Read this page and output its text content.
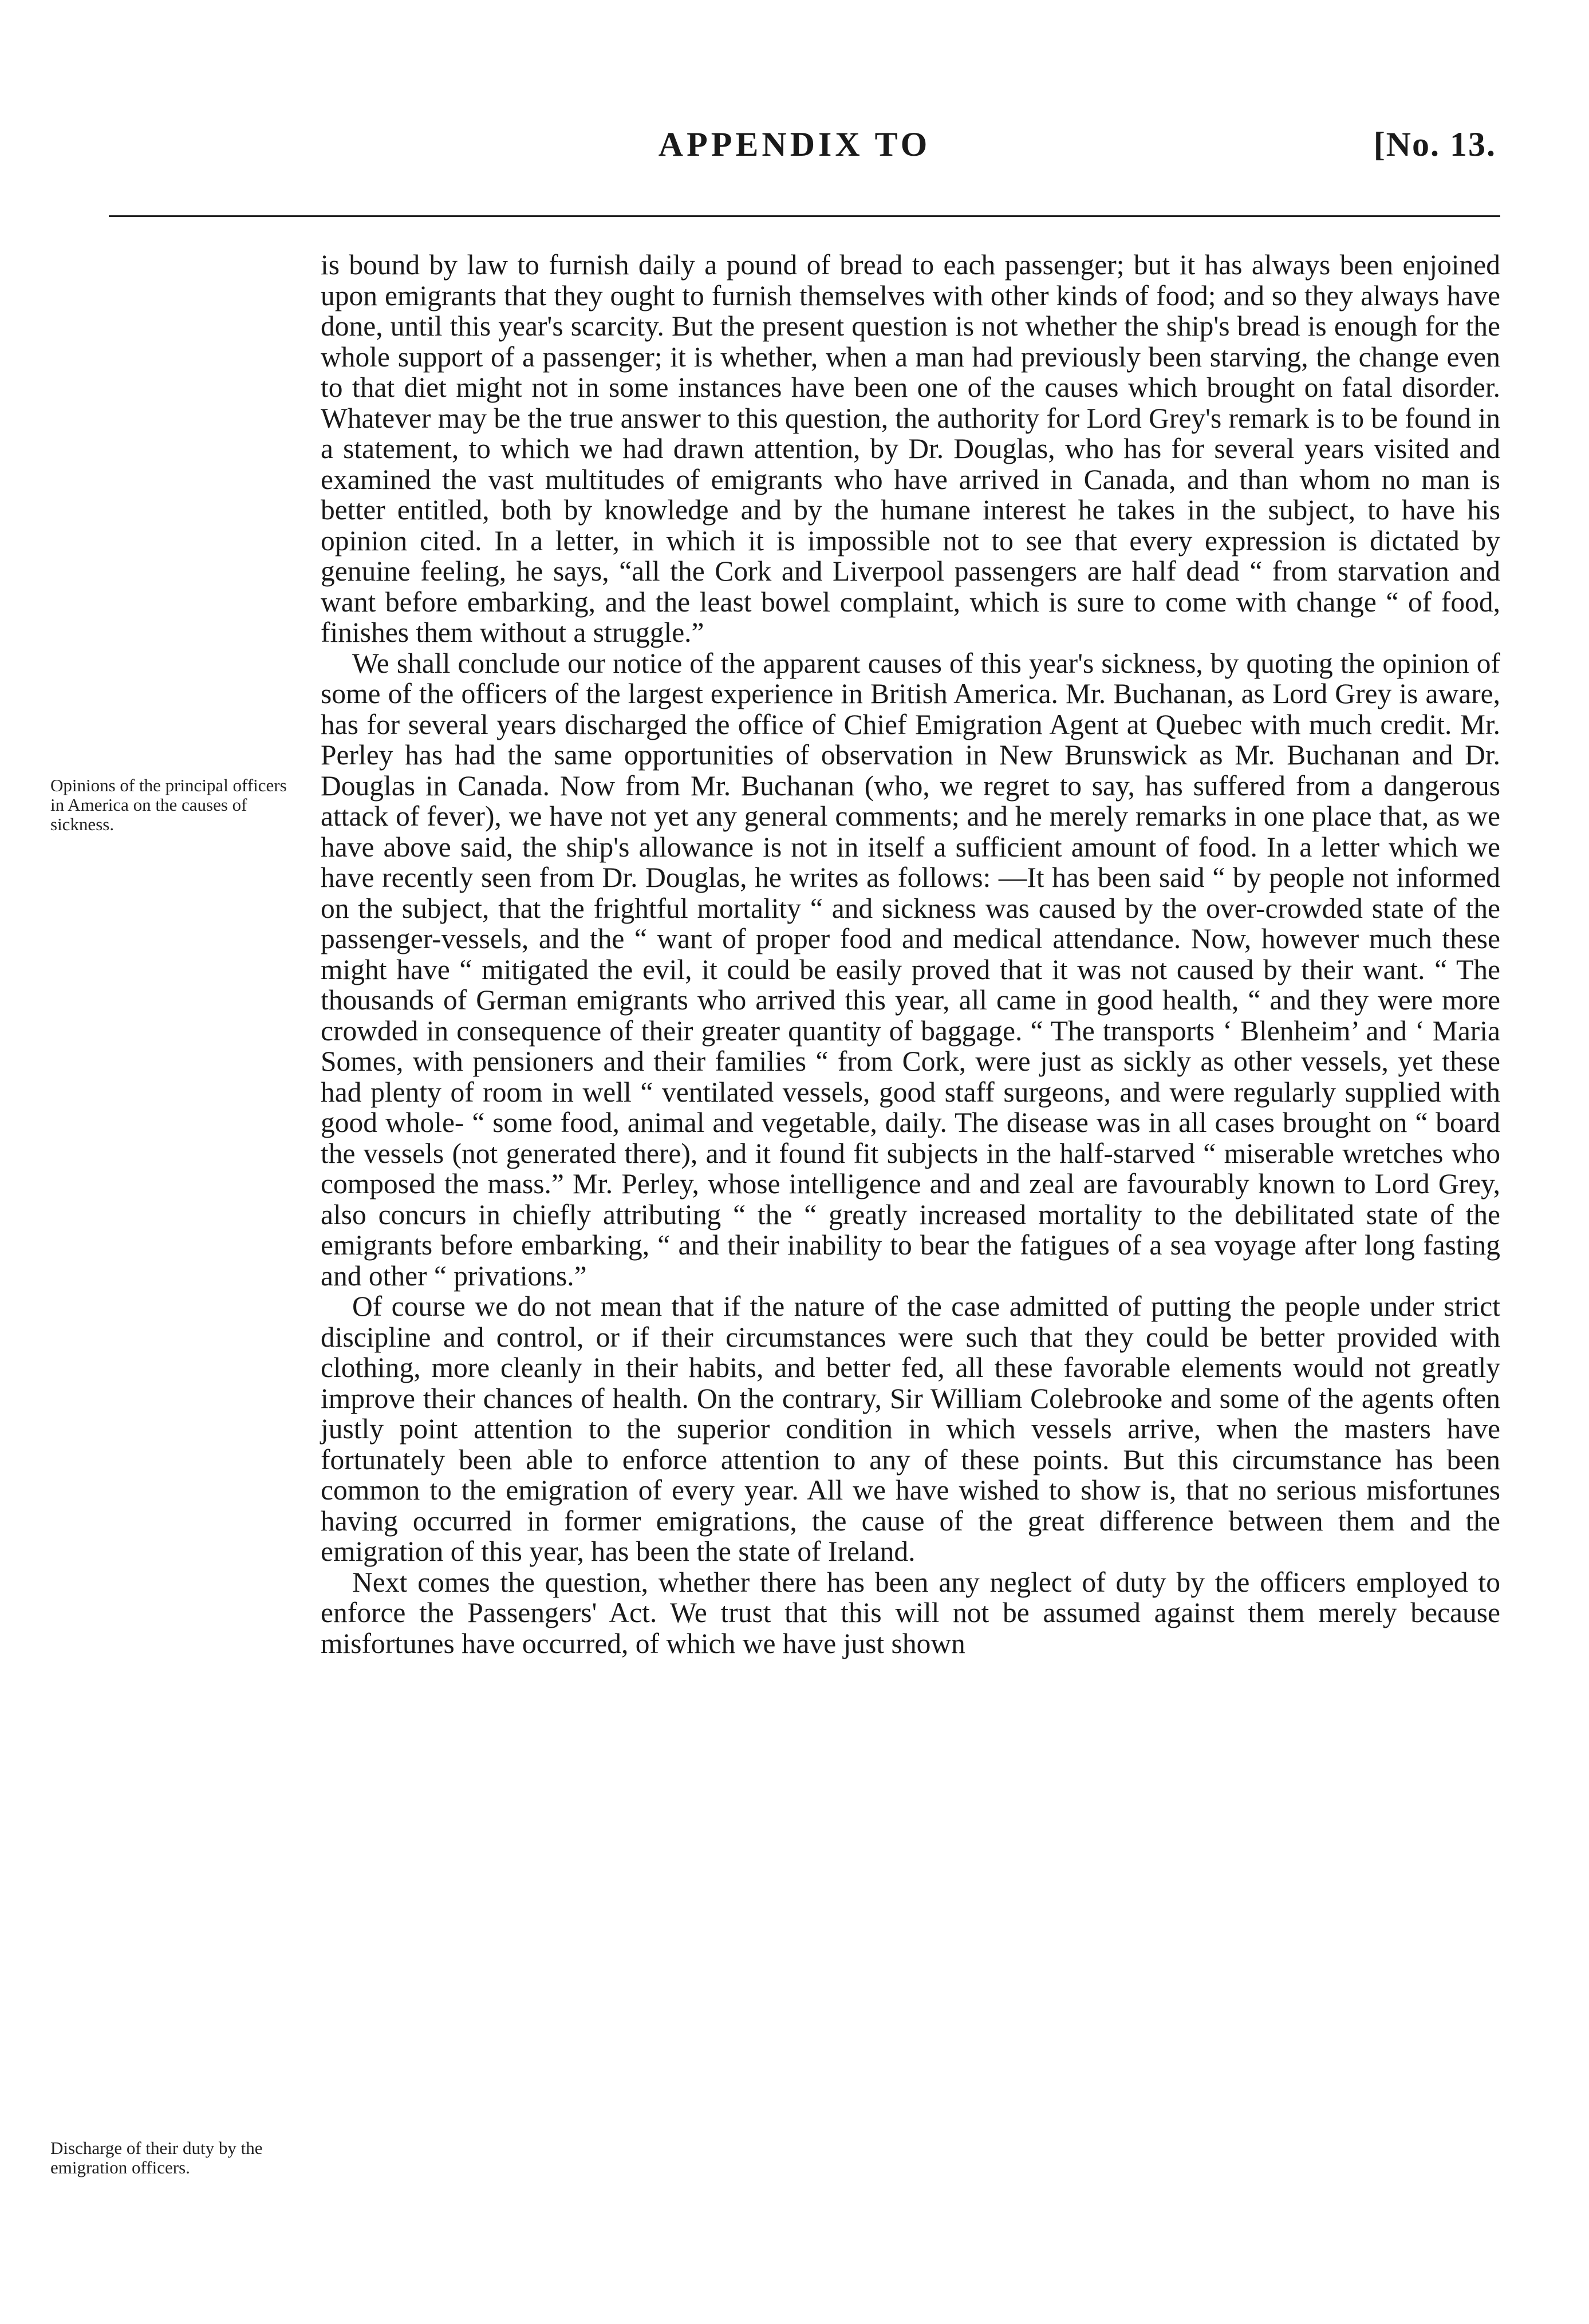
APPENDIX TO	[No. 13.
Opinions of the principal officers in America on the causes of sickness.
Discharge of their duty by the emigration officers.

is bound by law to furnish daily a pound of bread to each passenger; but it has always been enjoined upon emigrants that they ought to furnish themselves with other kinds of food; and so they always have done, until this year's scarcity. But the present question is not whether the ship's bread is enough for the whole support of a passenger; it is whether, when a man had previously been starving, the change even to that diet might not in some instances have been one of the causes which brought on fatal disorder. Whatever may be the true answer to this question, the authority for Lord Grey's remark is to be found in a statement, to which we had drawn attention, by Dr. Douglas, who has for several years visited and examined the vast multitudes of emigrants who have arrived in Canada, and than whom no man is better entitled, both by knowledge and by the humane interest he takes in the subject, to have his opinion cited. In a letter, in which it is impossible not to see that every expression is dictated by genuine feeling, he says, “all the Cork and Liverpool passengers are half dead “ from starvation and want before embarking, and the least bowel complaint, which is sure to come with change “ of food, finishes them without a struggle.”

We shall conclude our notice of the apparent causes of this year's sickness, by quoting the opinion of some of the officers of the largest experience in British America. Mr. Buchanan, as Lord Grey is aware, has for several years discharged the office of Chief Emigration Agent at Quebec with much credit. Mr. Perley has had the same opportunities of observation in New Brunswick as Mr. Buchanan and Dr. Douglas in Canada. Now from Mr. Buchanan (who, we regret to say, has suffered from a dangerous attack of fever), we have not yet any general comments; and he merely remarks in one place that, as we have above said, the ship's allowance is not in itself a sufficient amount of food. In a letter which we have recently seen from Dr. Douglas, he writes as follows: —It has been said “ by people not informed on the subject, that the frightful mortality “ and sickness was caused by the over-crowded state of the passenger-vessels, and the “ want of proper food and medical attendance. Now, however much these might have “ mitigated the evil, it could be easily proved that it was not caused by their want. “ The thousands of German emigrants who arrived this year, all came in good health, “ and they were more crowded in consequence of their greater quantity of baggage. “ The transports ‘ Blenheim’ and ‘ Maria Somes, with pensioners and their families “ from Cork, were just as sickly as other vessels, yet these had plenty of room in well “ ventilated vessels, good staff surgeons, and were regularly supplied with good whole- “ some food, animal and vegetable, daily. The disease was in all cases brought on “ board the vessels (not generated there), and it found fit subjects in the half-starved “ miserable wretches who composed the mass.” Mr. Perley, whose intelligence and and zeal are favourably known to Lord Grey, also concurs in chiefly attributing “ the “ greatly increased mortality to the debilitated state of the emigrants before embarking, “ and their inability to bear the fatigues of a sea voyage after long fasting and other “ privations.”

Of course we do not mean that if the nature of the case admitted of putting the people under strict discipline and control, or if their circumstances were such that they could be better provided with clothing, more cleanly in their habits, and better fed, all these favorable elements would not greatly improve their chances of health. On the contrary, Sir William Colebrooke and some of the agents often justly point attention to the superior condition in which vessels arrive, when the masters have fortunately been able to enforce attention to any of these points. But this circumstance has been common to the emigration of every year. All we have wished to show is, that no serious misfortunes having occurred in former emigrations, the cause of the great difference between them and the emigration of this year, has been the state of Ireland.

Next comes the question, whether there has been any neglect of duty by the officers employed to enforce the Passengers' Act. We trust that this will not be assumed against them merely because misfortunes have occurred, of which we have just shown
